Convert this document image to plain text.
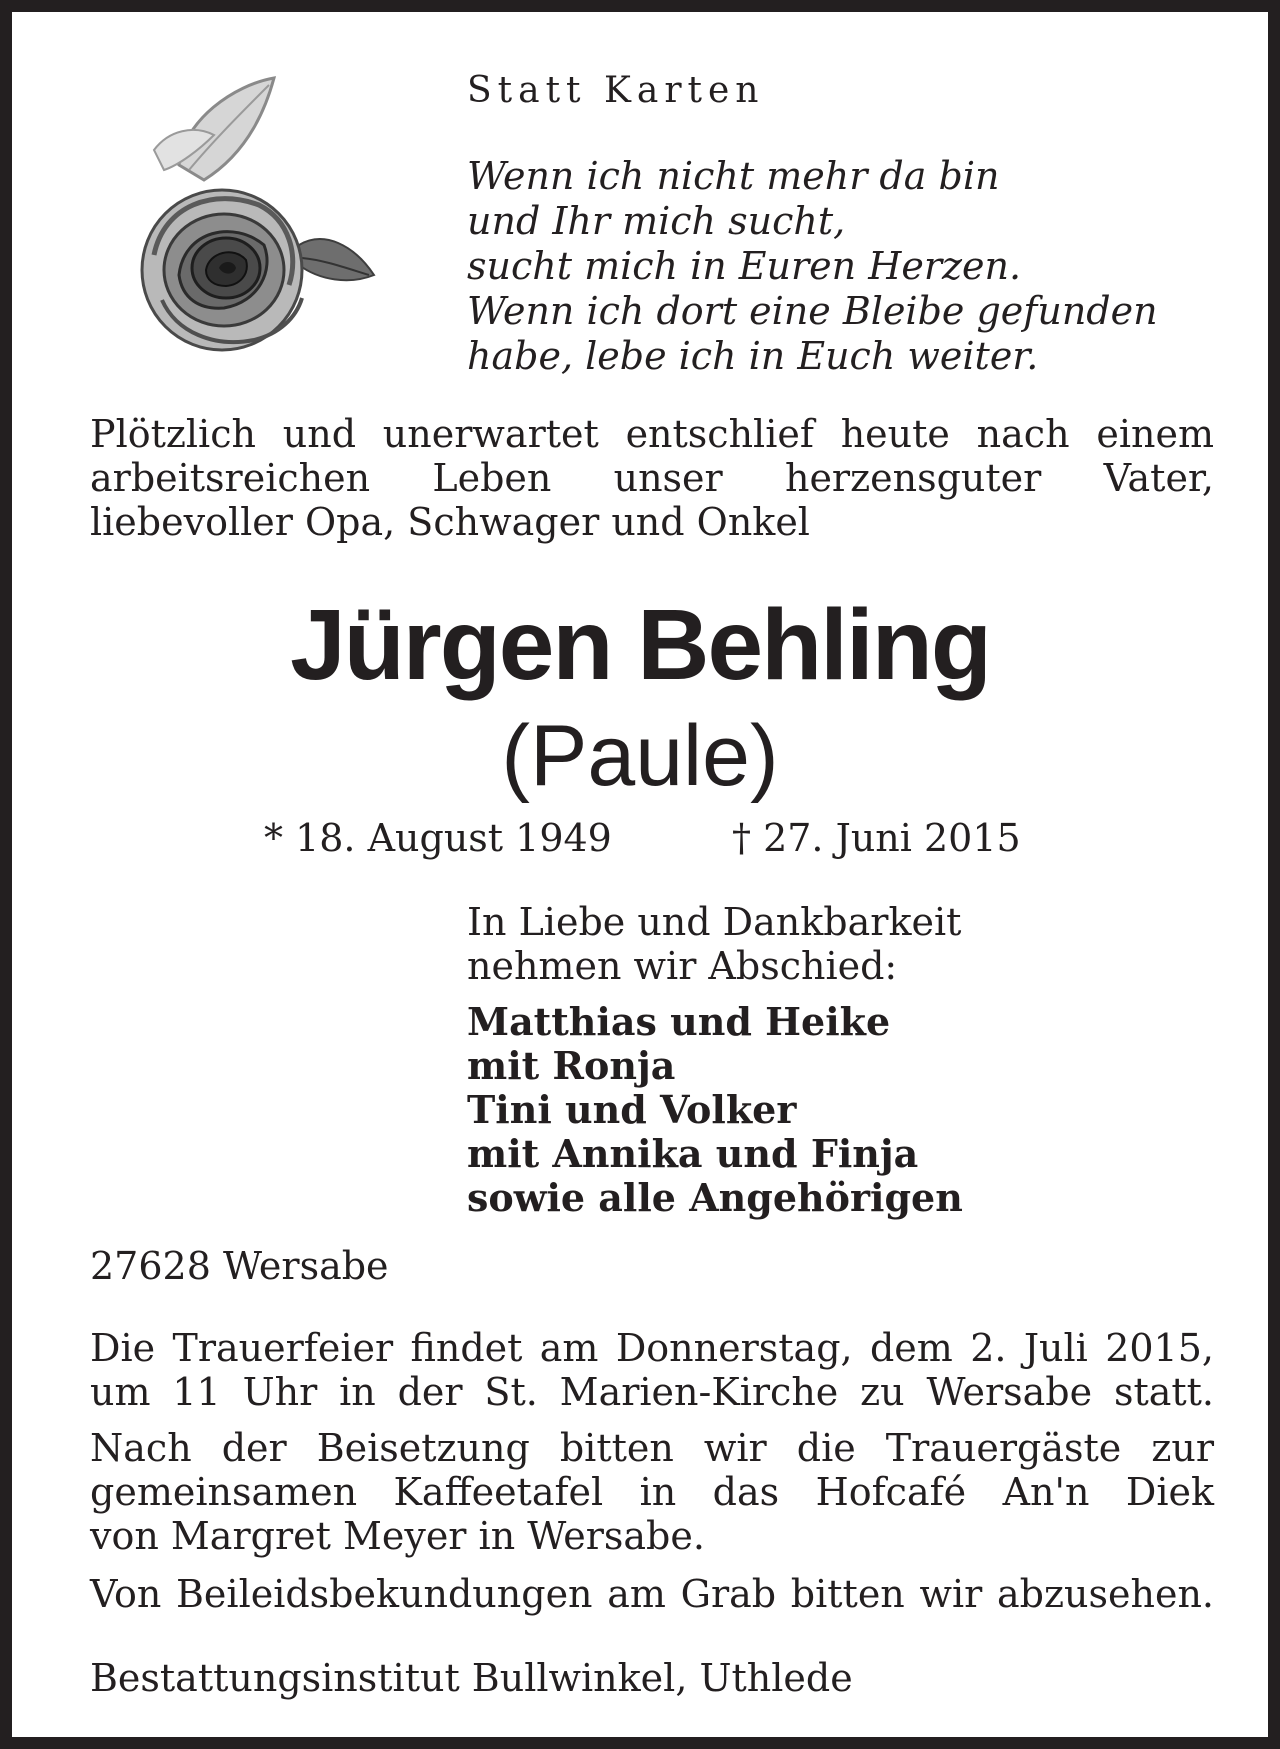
Statt Karten

Wenn ich nicht mehr da bin
und Ihr mich sucht,
sucht mich in Euren Herzen.
Wenn ich dort eine Bleibe gefunden
habe, lebe ich in Euch weiter.
Plötzlich und unerwartet entschlief heute nach einem
arbeitsreichen Leben unser herzensguter Vater,
liebevoller Opa, Schwager und Onkel
Jürgen Behling
(Paule)
* 18. August 1949	† 27. Juni 2015
In Liebe und Dankbarkeit
nehmen wir Abschied:
Matthias und Heike
mit Ronja
Tini und Volker
mit Annika und Finja
sowie alle Angehörigen
27628 Wersabe
Die Trauerfeier findet am Donnerstag, dem 2. Juli 2015,
um 11 Uhr in der St. Marien-Kirche zu Wersabe statt.
Nach der Beisetzung bitten wir die Trauergäste zur
gemeinsamen Kaffeetafel in das Hofcafé An'n Diek
von Margret Meyer in Wersabe.
Von Beileidsbekundungen am Grab bitten wir abzusehen.
Bestattungsinstitut Bullwinkel, Uthlede
